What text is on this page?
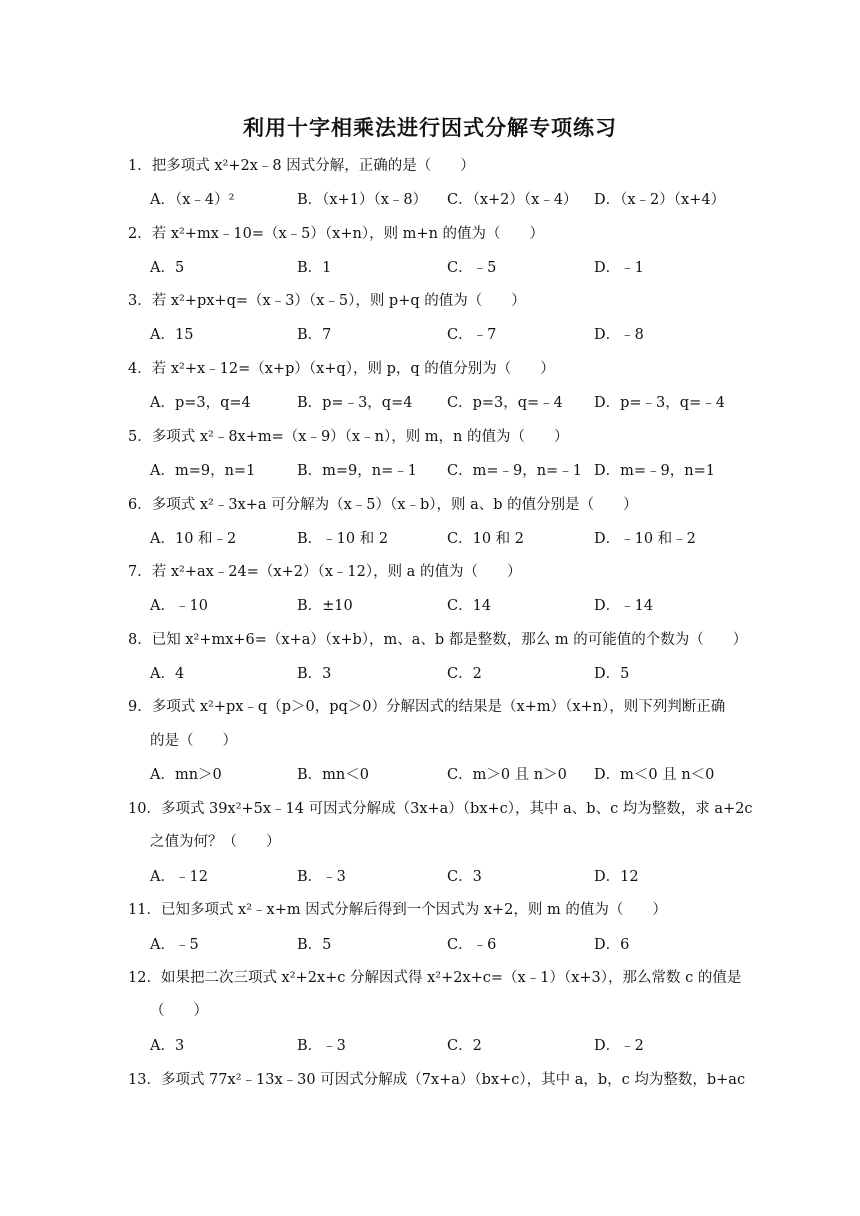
利用十字相乘法进行因式分解专项练习
1．把多项式 x²+2x﹣8 因式分解，正确的是（　　）
A．（x﹣4）²	B．（x+1）（x﹣8） C．（x+2）（x﹣4） D．（x﹣2）（x+4）
2．若 x²+mx﹣10=（x﹣5）（x+n），则 m+n 的值为（　　）
A．5	B．1	C．﹣5	D．﹣1
3．若 x²+px+q=（x﹣3）（x﹣5），则 p+q 的值为（　　）
A．15	B．7	C．﹣7	D．﹣8
4．若 x²+x﹣12=（x+p）（x+q），则 p，q 的值分别为（　　）
A．p=3，q=4	B．p=﹣3，q=4 C．p=3，q=﹣4 D．p=﹣3，q=﹣4
5．多项式 x²﹣8x+m=（x﹣9）（x﹣n），则 m，n 的值为（　　）
A．m=9，n=1	B．m=9，n=﹣1 C．m=﹣9，n=﹣1 D．m=﹣9，n=1
6．多项式 x²﹣3x+a 可分解为（x﹣5）（x﹣b），则 a、b 的值分别是（　　）
A．10 和﹣2	B．﹣10 和 2	C．10 和 2	D．﹣10 和﹣2
7．若 x²+ax﹣24=（x+2）（x﹣12），则 a 的值为（　　）
A．﹣10	B．±10	C．14	D．﹣14
8．已知 x²+mx+6=（x+a）（x+b），m、a、b 都是整数，那么 m 的可能值的个数为（　　）
A．4	B．3	C．2	D．5
9．多项式 x²+px﹣q（p＞0，pq＞0）分解因式的结果是（x+m）（x+n），则下列判断正确
的是（　　）
A．mn＞0	B．mn＜0	C．m＞0 且 n＞0 D．m＜0 且 n＜0
10．多项式 39x²+5x﹣14 可因式分解成（3x+a）（bx+c），其中 a、b、c 均为整数，求 a+2c
之值为何？（　　）
A．﹣12	B．﹣3	C．3	D．12
11．已知多项式 x²﹣x+m 因式分解后得到一个因式为 x+2，则 m 的值为（　　）
A．﹣5	B．5	C．﹣6	D．6
12．如果把二次三项式 x²+2x+c 分解因式得 x²+2x+c=（x﹣1）（x+3），那么常数 c 的值是
（　　）
A．3	B．﹣3	C．2	D．﹣2
13．多项式 77x²﹣13x﹣30 可因式分解成（7x+a）（bx+c），其中 a，b，c 均为整数，b+ac
